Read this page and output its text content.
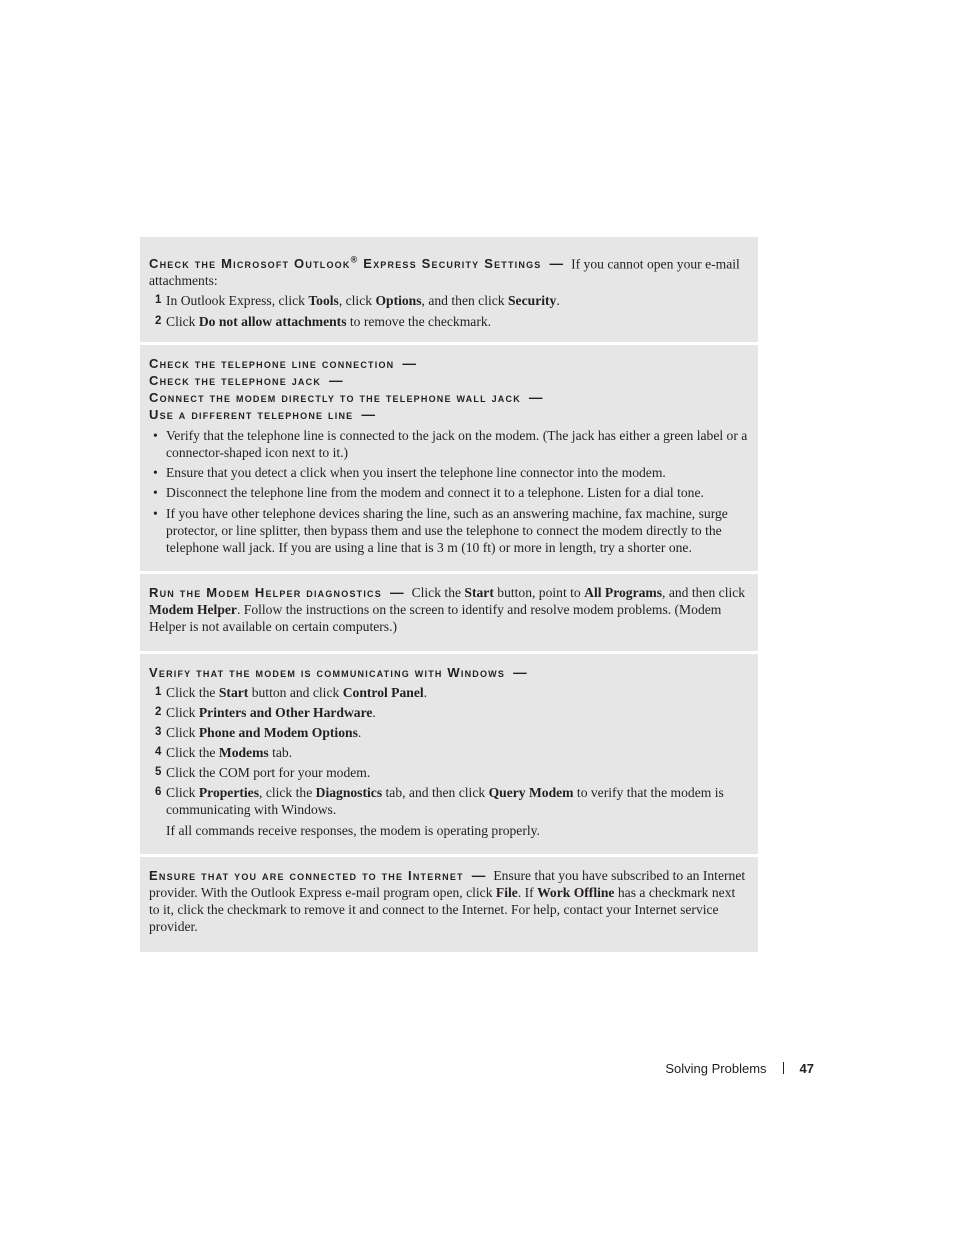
Check the Microsoft Outlook® Express Security Settings — If you cannot open your e-mail attachments:

1 In Outlook Express, click Tools, click Options, and then click Security.

2 Click Do not allow attachments to remove the checkmark.

Check the telephone line connection —
Check the telephone jack —
Connect the modem directly to the telephone wall jack —
Use a different telephone line —

• Verify that the telephone line is connected to the jack on the modem. (The jack has either a green label or a connector-shaped icon next to it.)

• Ensure that you detect a click when you insert the telephone line connector into the modem.

• Disconnect the telephone line from the modem and connect it to a telephone. Listen for a dial tone.

• If you have other telephone devices sharing the line, such as an answering machine, fax machine, surge protector, or line splitter, then bypass them and use the telephone to connect the modem directly to the telephone wall jack. If you are using a line that is 3 m (10 ft) or more in length, try a shorter one.

Run the Modem Helper diagnostics — Click the Start button, point to All Programs, and then click Modem Helper. Follow the instructions on the screen to identify and resolve modem problems. (Modem Helper is not available on certain computers.)

Verify that the modem is communicating with Windows —

1 Click the Start button and click Control Panel.

2 Click Printers and Other Hardware.

3 Click Phone and Modem Options.

4 Click the Modems tab.

5 Click the COM port for your modem.

6 Click Properties, click the Diagnostics tab, and then click Query Modem to verify that the modem is communicating with Windows.

If all commands receive responses, the modem is operating properly.

Ensure that you are connected to the Internet — Ensure that you have subscribed to an Internet provider. With the Outlook Express e-mail program open, click File. If Work Offline has a checkmark next to it, click the checkmark to remove it and connect to the Internet. For help, contact your Internet service provider.

Solving Problems	47
